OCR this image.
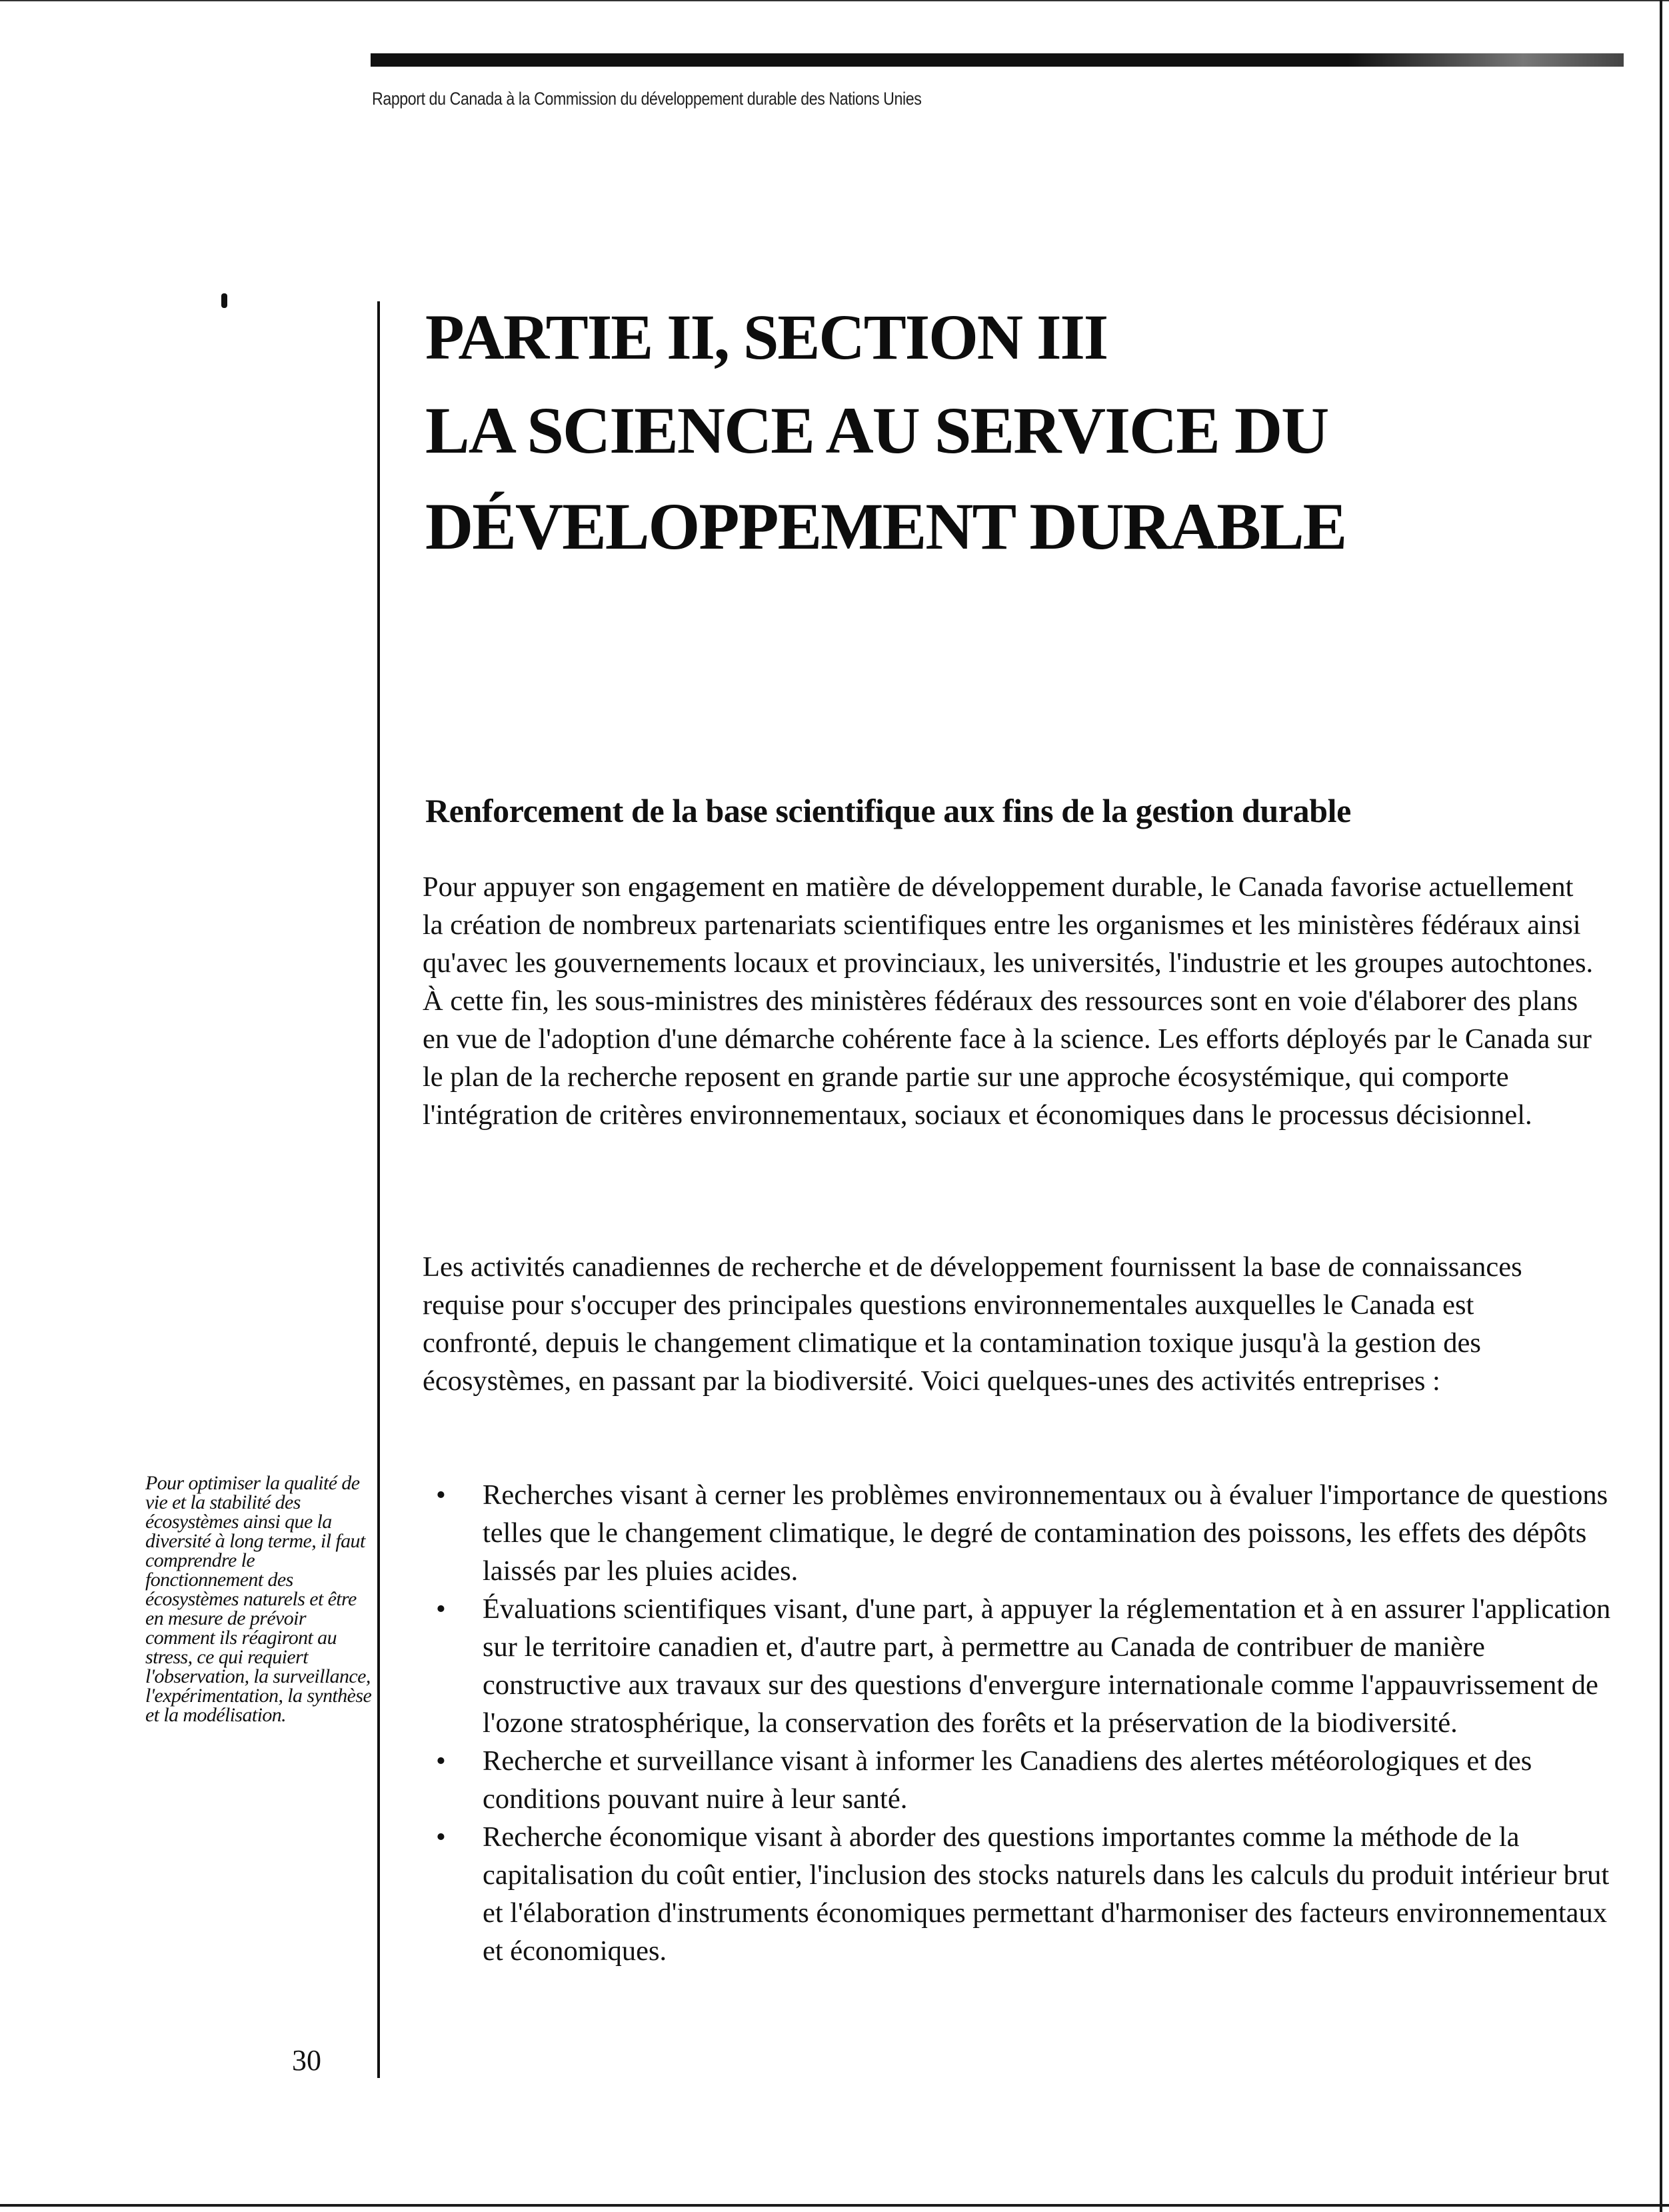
Rapport du Canada à la Commission du développement durable des Nations Unies
PARTIE II, SECTION III
LA SCIENCE AU SERVICE DU
DÉVELOPPEMENT DURABLE
Renforcement de la base scientifique aux fins de la gestion durable

Pour appuyer son engagement en matière de développement durable, le Canada favorise actuellement la création de nombreux partenariats scientifiques entre les organismes et les ministères fédéraux ainsi qu'avec les gouvernements locaux et provinciaux, les universités, l'industrie et les groupes autochtones. À cette fin, les sous-ministres des ministères fédéraux des ressources sont en voie d'élaborer des plans en vue de l'adoption d'une démarche cohérente face à la science. Les efforts déployés par le Canada sur le plan de la recherche reposent en grande partie sur une approche écosystémique, qui comporte l'intégration de critères environnementaux, sociaux et économiques dans le processus décisionnel.

Les activités canadiennes de recherche et de développement fournissent la base de connaissances requise pour s'occuper des principales questions environnementales auxquelles le Canada est confronté, depuis le changement climatique et la contamination toxique jusqu'à la gestion des écosystèmes, en passant par la biodiversité. Voici quelques-unes des activités entreprises :

• Recherches visant à cerner les problèmes environnementaux ou à évaluer l'importance de questions telles que le changement climatique, le degré de contamination des poissons, les effets des dépôts laissés par les pluies acides.
• Évaluations scientifiques visant, d'une part, à appuyer la réglementation et à en assurer l'application sur le territoire canadien et, d'autre part, à permettre au Canada de contribuer de manière constructive aux travaux sur des questions d'envergure internationale comme l'appauvrissement de l'ozone stratosphérique, la conservation des forêts et la préservation de la biodiversité.
• Recherche et surveillance visant à informer les Canadiens des alertes météorologiques et des conditions pouvant nuire à leur santé.
• Recherche économique visant à aborder des questions importantes comme la méthode de la capitalisation du coût entier, l'inclusion des stocks naturels dans les calculs du produit intérieur brut et l'élaboration d'instruments économiques permettant d'harmoniser des facteurs environnementaux et économiques.

Pour optimiser la qualité de vie et la stabilité des écosystèmes ainsi que la diversité à long terme, il faut comprendre le fonctionnement des écosystèmes naturels et être en mesure de prévoir comment ils réagiront au stress, ce qui requiert l'observation, la surveillance, l'expérimentation, la synthèse et la modélisation.

30
